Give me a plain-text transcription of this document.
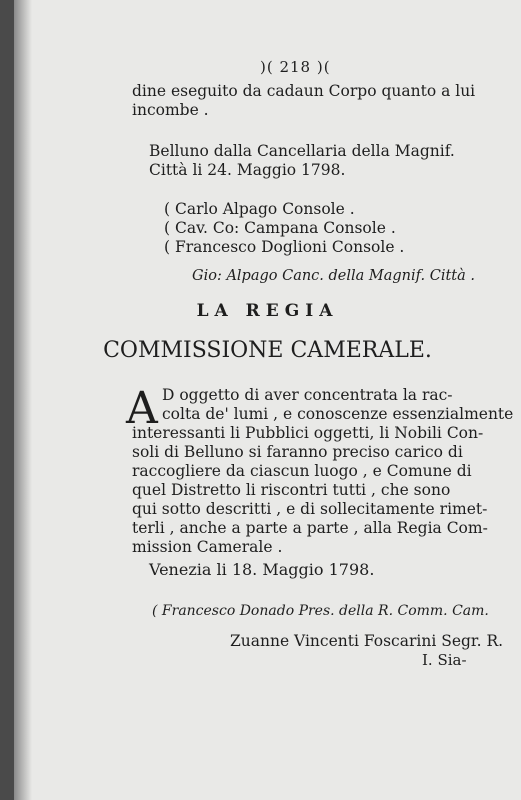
)( 218 )(
dine eseguito da cadaun Corpo quanto a lui
incombe .
Belluno dalla Cancellaria della Magnif.
Città li 24. Maggio 1798.
( Carlo Alpago Console .
( Cav. Co: Campana Console .
( Francesco Doglioni Console .
Gio: Alpago Canc. della Magnif. Città .
LA REGIA
COMMISSIONE CAMERALE.
A D oggetto di aver concentrata la rac-
colta de' lumi , e conoscenze essenzialmente
interessanti li Pubblici oggetti, li Nobili Con-
soli di Belluno si faranno preciso carico di
raccogliere da ciascun luogo , e Comune di
quel Distretto li riscontri tutti , che sono
qui sotto descritti , e di sollecitamente rimet-
terli , anche a parte a parte , alla Regia Com-
mission Camerale .
Venezia li 18. Maggio 1798.
( Francesco Donado Pres. della R. Comm. Cam.
Zuanne Vincenti Foscarini Segr. R.
I. Sia-
